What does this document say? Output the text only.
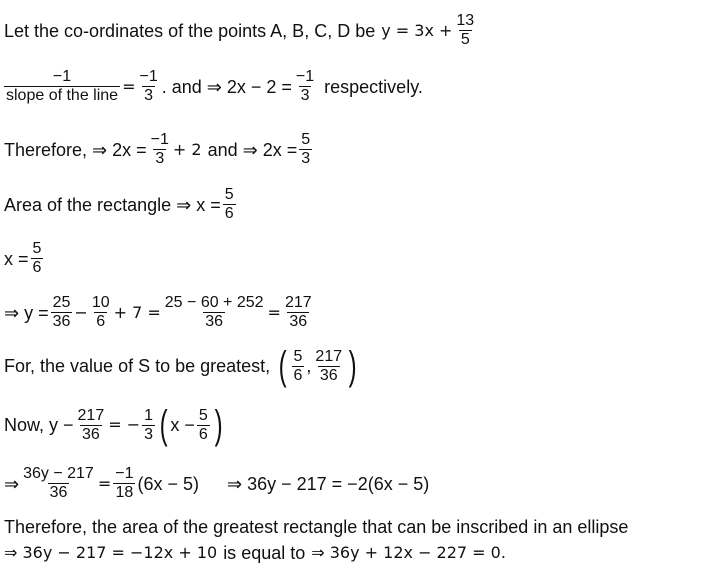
Let the co-ordinates of the points A, B, C, D be $y = 3x + \frac{13}{5}$
$\frac{-1}{\text{slope of the line}} = \frac{-1}{3}$ . and ⇒ $2x - 2 = \frac{-1}{3}$ respectively.
Therefore, ⇒ $2x = \frac{-1}{3} + 2$ and ⇒ $2x = \frac{5}{3}$
Area of the rectangle ⇒ $x = \frac{5}{6}$
$x = \frac{5}{6}$
⇒ $y = \frac{25}{36} - \frac{10}{6} + 7 = \frac{25 - 60 + 252}{36} = \frac{217}{36}$
For, the value of S to be greatest, ( $\frac{5}{6}$ , $\frac{217}{36}$ )
Now, $y - \frac{217}{36}$ = − $\frac{1}{3}$ ( $x - \frac{5}{6}$ )
⇒ $\frac{36y - 217}{36} = \frac{-1}{18} (6x - 5)$ ⇒ 36y − 217 = −2(6x − 5)
Therefore, the area of the greatest rectangle that can be inscribed in an ellipse
⇒ 36y − 217 = −12x + 10 is equal to ⇒ 36y + 12x − 227 = 0.
